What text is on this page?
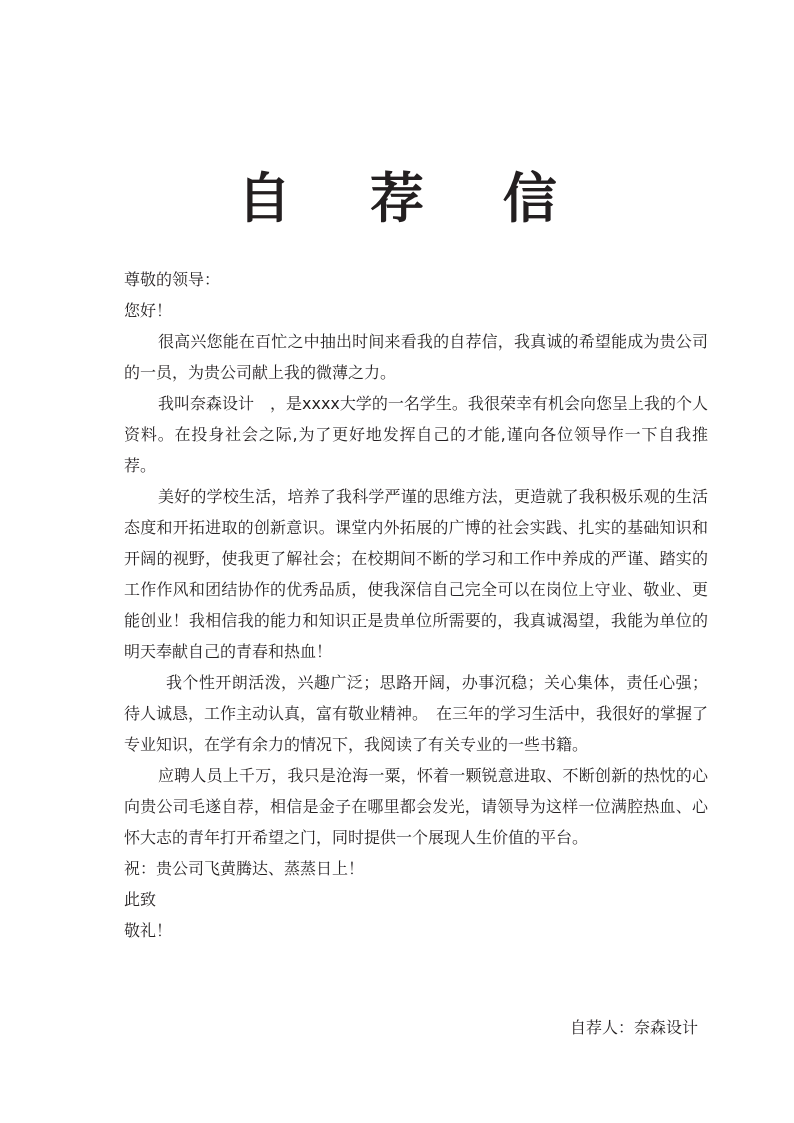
自 荐 信

尊敬的领导：

您好！

很高兴您能在百忙之中抽出时间来看我的自荐信，我真诚的希望能成为贵公司的一员，为贵公司献上我的微薄之力。

我叫奈森设计　，是xxxx大学的一名学生。我很荣幸有机会向您呈上我的个人资料。在投身社会之际,为了更好地发挥自己的才能,谨向各位领导作一下自我推荐。

美好的学校生活，培养了我科学严谨的思维方法，更造就了我积极乐观的生活态度和开拓进取的创新意识。课堂内外拓展的广博的社会实践、扎实的基础知识和开阔的视野，使我更了解社会；在校期间不断的学习和工作中养成的严谨、踏实的工作作风和团结协作的优秀品质，使我深信自己完全可以在岗位上守业、敬业、更能创业！我相信我的能力和知识正是贵单位所需要的，我真诚渴望，我能为单位的明天奉献自己的青春和热血！

我个性开朗活泼，兴趣广泛；思路开阔，办事沉稳；关心集体，责任心强；待人诚恳，工作主动认真，富有敬业精神。　在三年的学习生活中，我很好的掌握了专业知识，在学有余力的情况下，我阅读了有关专业的一些书籍。

应聘人员上千万，我只是沧海一粟，怀着一颗锐意进取、不断创新的热忱的心向贵公司毛遂自荐，相信是金子在哪里都会发光，请领导为这样一位满腔热血、心怀大志的青年打开希望之门，同时提供一个展现人生价值的平台。

祝：贵公司飞黄腾达、蒸蒸日上！

此致

敬礼！

自荐人：奈森设计
